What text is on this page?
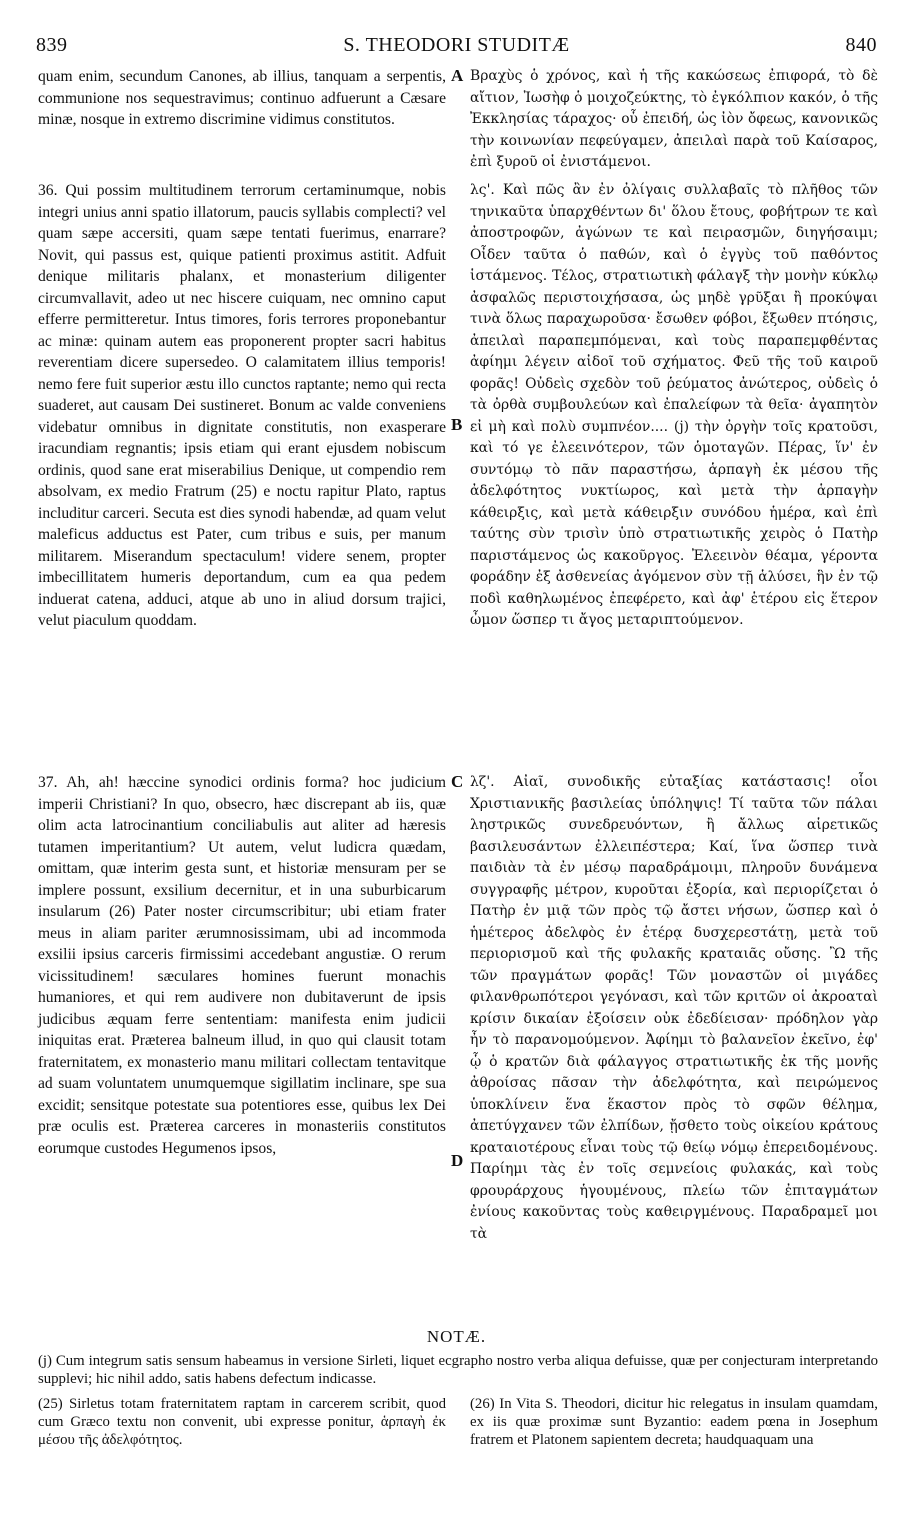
839	S. THEODORI STUDITÆ	840

quam enim, secundum Canones, ab illius, tanquam a serpentis, communione nos sequestravimus; continuo adfuerunt a Cæsare minæ, nosque in extremo discrimine vidimus constitutos.

Βραχὺς ὁ χρόνος, καὶ ἡ τῆς κακώσεως ἐπιφορά, τὸ δὲ αἴτιον, Ἰωσὴφ ὁ μοιχοζεύκτης, τὸ ἐγκόλπιον κακόν, ὁ τῆς Ἐκκλησίας τάραχος· οὗ ἐπειδή, ὡς ἰὸν ὄφεως, κανονικῶς τὴν κοινωνίαν πεφεύγαμεν, ἀπειλαὶ παρὰ τοῦ Καίσαρος, ἐπὶ ξυροῦ οἱ ἐνιστάμενοι.

36. Qui possim multitudinem terrorum certaminumque, nobis integri unius anni spatio illatorum, paucis syllabis complecti? vel quam sæpe accersiti, quam sæpe tentati fuerimus, enarrare? Novit, qui passus est, quique patienti proximus astitit. Adfuit denique militaris phalanx, et monasterium diligenter circumvallavit, adeo ut nec hiscere cuiquam, nec omnino caput efferre permitteretur. Intus timores, foris terrores proponebantur ac minæ: quinam autem eas proponerent propter sacri habitus reverentiam dicere supersedeo. O calamitatem illius temporis! nemo fere fuit superior æstu illo cunctos raptante; nemo qui recta suaderet, aut causam Dei sustineret. Bonum ac valde conveniens videbatur omnibus in dignitate constitutis, non exasperare iracundiam regnantis; ipsis etiam qui erant ejusdem nobiscum ordinis, quod sane erat miserabilius Denique, ut compendio rem absolvam, ex medio Fratrum (25) e noctu rapitur Plato, raptus includitur carceri. Secuta est dies synodi habendæ, ad quam velut maleficus adductus est Pater, cum tribus e suis, per manum militarem. Miserandum spectaculum! videre senem, propter imbecillitatem humeris deportandum, cum ea qua pedem induerat catena, adduci, atque ab uno in aliud dorsum trajici, velut piaculum quoddam.

λς'. Καὶ πῶς ἂν ἐν ὀλίγαις συλλαβαῖς τὸ πλῆθος τῶν τηνικαῦτα ὑπαρχθέντων δι' ὅλου ἔτους, φοβήτρων τε καὶ ἀποστροφῶν, ἀγώνων τε καὶ πειρασμῶν, διηγήσαιμι; Οἶδεν ταῦτα ὁ παθών, καὶ ὁ ἐγγὺς τοῦ παθόντος ἱστάμενος. Τέλος, στρατιωτικὴ φάλαγξ τὴν μονὴν κύκλῳ ἀσφαλῶς περιστοιχήσασα, ὡς μηδὲ γρῦξαι ἢ προκύψαι τινὰ ὅλως παραχωροῦσα· ἔσωθεν φόβοι, ἔξωθεν πτόησις, ἀπειλαὶ παραπεμπόμεναι, καὶ τοὺς παραπεμφθέντας ἀφίημι λέγειν αἰδοῖ τοῦ σχήματος. Φεῦ τῆς τοῦ καιροῦ φορᾶς! Οὐδεὶς σχεδὸν τοῦ ῥεύματος ἀνώτερος, οὐδεὶς ὁ τὰ ὀρθὰ συμβουλεύων καὶ ἐπαλείφων τὰ θεῖα· ἀγαπητὸν εἰ μὴ καὶ πολὺ συμπνέον.... (j) τὴν ὀργὴν τοῖς κρατοῦσι, καὶ τό γε ἐλεεινότερον, τῶν ὁμοταγῶν. Πέρας, ἵν' ἐν συντόμῳ τὸ πᾶν παραστήσω, ἁρπαγὴ ἐκ μέσου τῆς ἀδελφότητος νυκτίωρος, καὶ μετὰ τὴν ἁρπαγὴν κάθειρξις, καὶ μετὰ κάθειρξιν συνόδου ἡμέρα, καὶ ἐπὶ ταύτης σὺν τρισὶν ὑπὸ στρατιωτικῆς χειρὸς ὁ Πατὴρ παριστάμενος ὡς κακοῦργος. Ἐλεεινὸν θέαμα, γέροντα φοράδην ἐξ ἀσθενείας ἀγόμενον σὺν τῇ ἁλύσει, ἣν ἐν τῷ ποδὶ καθηλωμένος ἐπεφέρετο, καὶ ἀφ' ἑτέρου εἰς ἕτερον ὦμον ὥσπερ τι ἄγος μεταριπτούμενον.

37. Ah, ah! hæccine synodici ordinis forma? hoc judicium imperii Christiani? In quo, obsecro, hæc discrepant ab iis, quæ olim acta latrocinantium conciliabulis aut aliter ad hæresis tutamen imperitantium? Ut autem, velut ludicra quædam, omittam, quæ interim gesta sunt, et historiæ mensuram per se implere possunt, exsilium decernitur, et in una suburbicarum insularum (26) Pater noster circumscribitur; ubi etiam frater meus in aliam pariter ærumnosissimam, ubi ad incommoda exsilii ipsius carceris firmissimi accedebant angustiæ. O rerum vicissitudinem! sæculares homines fuerunt monachis humaniores, et qui rem audivere non dubitaverunt de ipsis judicibus æquam ferre sententiam: manifesta enim judicii iniquitas erat. Præterea balneum illud, in quo qui clausit totam fraternitatem, ex monasterio manu militari collectam tentavitque ad suam voluntatem unumquemque sigillatim inclinare, spe sua excidit; sensitque potestate sua potentiores esse, quibus lex Dei præ oculis est. Præterea carceres in monasteriis constitutos eorumque custodes Hegumenos ipsos,

λζ'. Αἰαῖ, συνοδικῆς εὐταξίας κατάστασις! οἷοι Χριστιανικῆς βασιλείας ὑπόληψις! Τί ταῦτα τῶν πάλαι ληστρικῶς συνεδρευόντων, ἢ ἄλλως αἱρετικῶς βασιλευσάντων ἐλλειπέστερα; Καί, ἵνα ὥσπερ τινὰ παιδιὰν τὰ ἐν μέσῳ παραδράμοιμι, πληροῦν δυνάμενα συγγραφῆς μέτρον, κυροῦται ἐξορία, καὶ περιορίζεται ὁ Πατὴρ ἐν μιᾷ τῶν πρὸς τῷ ἄστει νήσων, ὥσπερ καὶ ὁ ἡμέτερος ἀδελφὸς ἐν ἑτέρᾳ δυσχερεστάτῃ, μετὰ τοῦ περιορισμοῦ καὶ τῆς φυλακῆς κραταιᾶς οὔσης. Ὢ τῆς τῶν πραγμάτων φορᾶς! Τῶν μοναστῶν οἱ μιγάδες φιλανθρωπότεροι γεγόνασι, καὶ τῶν κριτῶν οἱ ἀκροαταὶ κρίσιν δικαίαν ἐξοίσειν οὐκ ἐδεδίεισαν· πρόδηλον γὰρ ἦν τὸ παρανομούμενον. Ἀφίημι τὸ βαλανεῖον ἐκεῖνο, ἐφ' ᾧ ὁ κρατῶν διὰ φάλαγγος στρατιωτικῆς ἐκ τῆς μονῆς ἀθροίσας πᾶσαν τὴν ἀδελφότητα, καὶ πειρώμενος ὑποκλίνειν ἕνα ἕκαστον πρὸς τὸ σφῶν θέλημα, ἀπετύγχανεν τῶν ἐλπίδων, ᾔσθετο τοὺς οἰκείου κράτους κραταιοτέρους εἶναι τοὺς τῷ θείῳ νόμῳ ἐπερειδομένους. Παρίημι τὰς ἐν τοῖς σεμνείοις φυλακάς, καὶ τοὺς φρουράρχους ἡγουμένους, πλείω τῶν ἐπιταγμάτων ἐνίους κακοῦντας τοὺς καθειργμένους. Παραδραμεῖ μοι τὰ

A
B
C
D
NOTÆ.

(j) Cum integrum satis sensum habeamus in versione Sirleti, liquet ecgrapho nostro verba aliqua defuisse, quæ per conjecturam interpretando supplevi; hic nihil addo, satis habens defectum indicasse.

(25) Sirletus totam fraternitatem raptam in carcerem scribit, quod cum Græco textu non convenit, ubi expresse ponitur, ἁρπαγὴ ἐκ μέσου τῆς ἀδελφότητος.

(26) In Vita S. Theodori, dicitur hic relegatus in insulam quamdam, ex iis quæ proximæ sunt Byzantio: eadem pœna in Josephum fratrem et Platonem sapientem decreta; haudquaquam una
